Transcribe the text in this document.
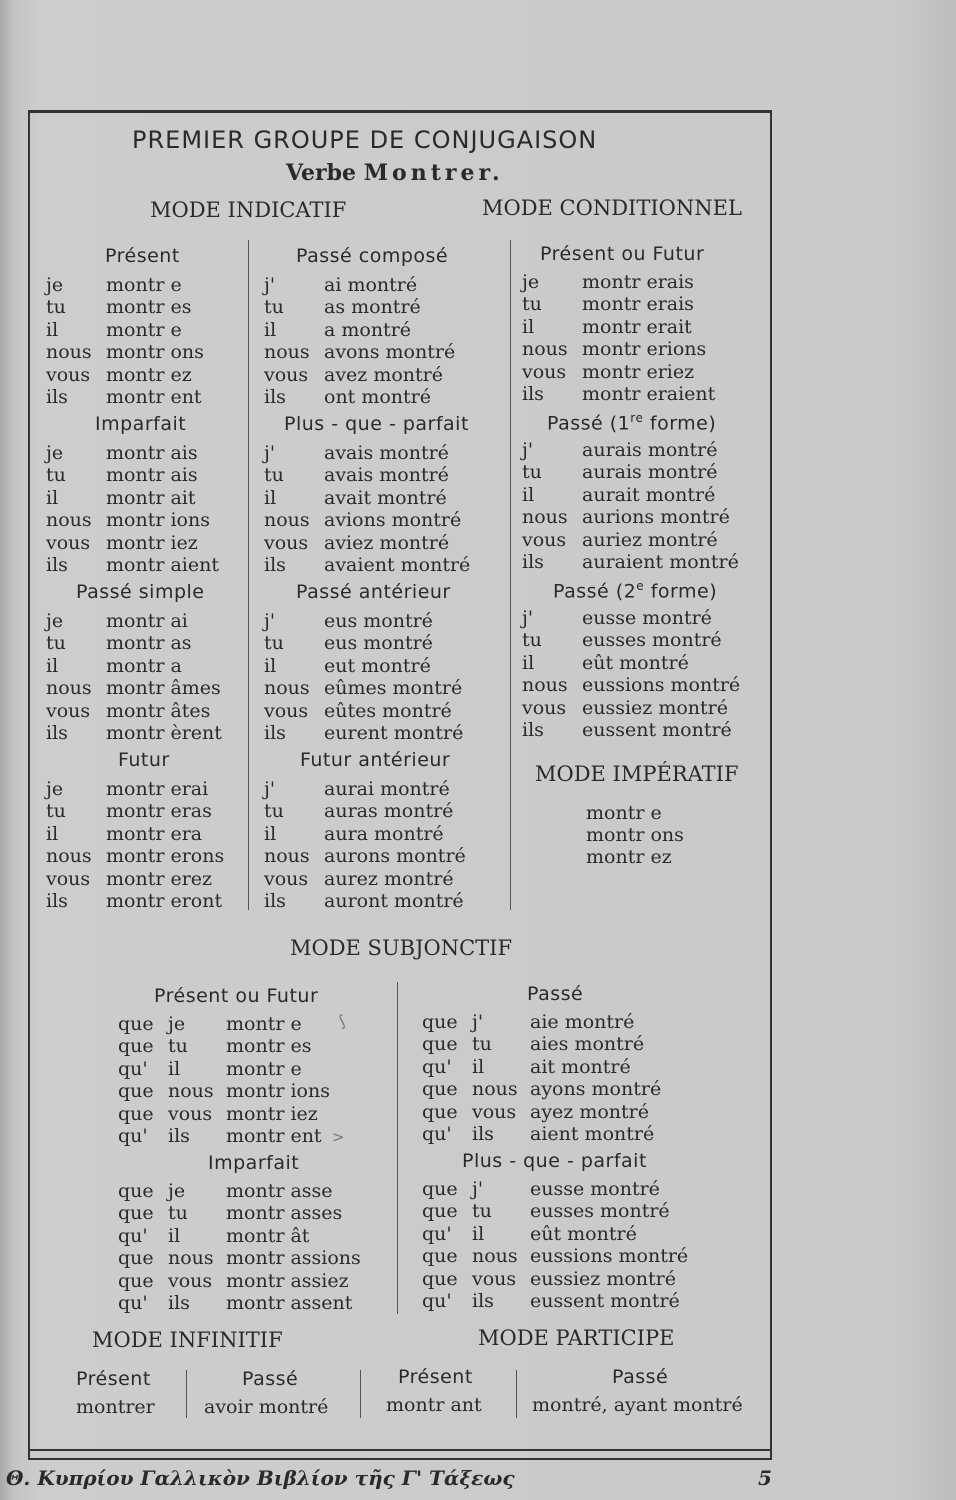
PREMIER GROUPE DE CONJUGAISON
Verbe Montrer.
MODE INDICATIF	MODE CONDITIONNEL
Présent
je montr e
tu montr es
il	montr e
nous montr ons
vous montr ez
ils montr ent
Imparfait
je montr ais
tu montr ais
il	montr ait
nous montr ions
vous montr iez
ils montr aient
Passé simple
je montr ai
tu montr as
il	montr a
nous montr âmes
vous montr âtes
ils montr èrent
Futur
je montr erai
tu montr eras
il	montr era
nous montr erons
vous montr erez
ils montr eront
Passé composé
j'	ai montré
tu as montré
il	a montré
nous avons montré
vous avez montré
ils ont montré
Plus - que - parfait
j'	avais montré
tu avais montré
il	avait montré
nous avions montré
vous aviez montré
ils avaient montré
Passé antérieur
j'	eus montré
tu eus montré
il	eut montré
nous eûmes montré
vous eûtes montré
ils eurent montré
Futur antérieur
j'	aurai montré
tu auras montré
il	aura montré
nous aurons montré
vous aurez montré
ils auront montré
Présent ou Futur
je montr erais
tu montr erais
il	montr erait
nous montr erions
vous montr eriez
ils montr eraient
Passé (1re forme)
j'	aurais montré
tu aurais montré
il	aurait montré
nous aurions montré
vous auriez montré
ils auraient montré
Passé (2e forme)
j'	eusse montré
tu eusses montré
il	eût montré
nous eussions montré
vous eussiez montré
ils eussent montré
Présent ou Futur
que je montr e
que tu montr es
qu' il montr e
que nous montr ions
que vous montr iez
qu' ils montr ent
Imparfait
que je montr asse
que tu montr asses
qu' il montr ât
que nous montr assions
que vous montr assiez
qu' ils montr assent
Passé
que j' aie montré
que tu aies montré
qu' il ait montré
que nous ayons montré
que vous ayez montré
qu' ils aient montré
Plus - que - parfait
que j' eusse montré
que tu eusses montré
qu' il eût montré
que nous eussions montré
que vous eussiez montré
qu' ils eussent montré
MODE IMPÉRATIF
montr e
montr ons
montr ez
MODE SUBJONCTIF
MODE INFINITIF	MODE PARTICIPE
Présent
montrer
Passé
avoir montré
Présent
montr ant
Passé
montré, ayant montré
∫
>
Θ. Κυπρίου Γαλλικὸν Βιβλίον τῆς Γ' Τάξεως	5
